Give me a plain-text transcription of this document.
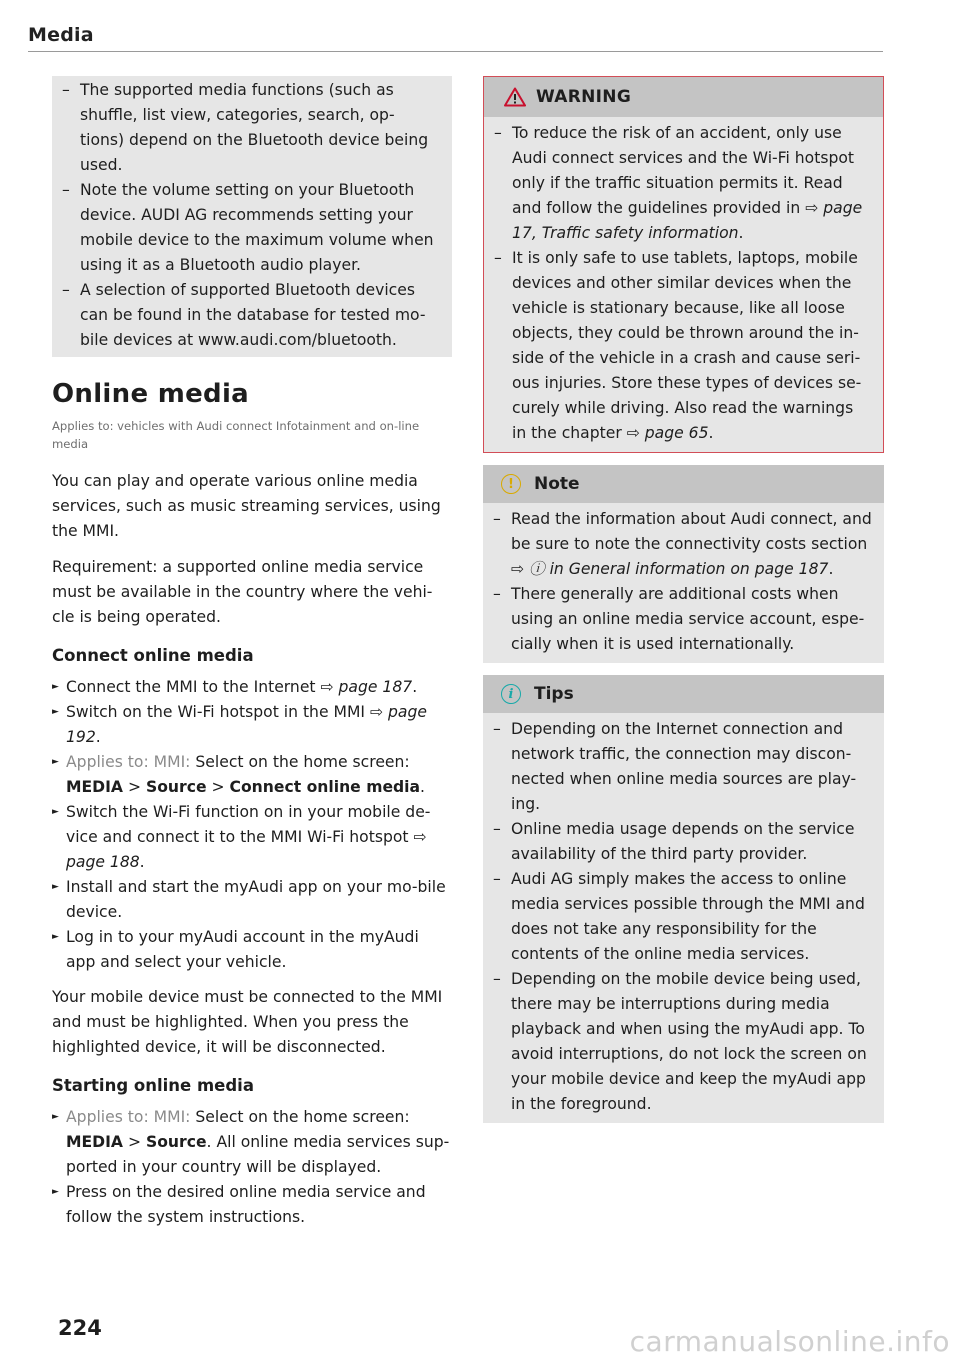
Media
– The supported media functions (such as shuffle, list view, categories, search, op-tions) depend on the Bluetooth device being used.
– Note the volume setting on your Bluetooth device. AUDI AG recommends setting your mobile device to the maximum volume when using it as a Bluetooth audio player.
– A selection of supported Bluetooth devices can be found in the database for tested mo-bile devices at www.audi.com/bluetooth.
Online media
Applies to: vehicles with Audi connect Infotainment and on-line media

You can play and operate various online media services, such as music streaming services, using the MMI.

Requirement: a supported online media service must be available in the country where the vehi-cle is being operated.

Connect online media
► Connect the MMI to the Internet ⇨ page 187.
► Switch on the Wi-Fi hotspot in the MMI ⇨ page 192.
► Applies to: MMI: Select on the home screen: MEDIA > Source > Connect online media.
► Switch the Wi-Fi function on in your mobile de-vice and connect it to the MMI Wi-Fi hotspot ⇨ page 188.
► Install and start the myAudi app on your mo-bile device.
► Log in to your myAudi account in the myAudi app and select your vehicle.

Your mobile device must be connected to the MMI and must be highlighted. When you press the highlighted device, it will be disconnected.

Starting online media
► Applies to: MMI: Select on the home screen: MEDIA > Source. All online media services sup-ported in your country will be displayed.
► Press on the desired online media service and follow the system instructions.
WARNING
– To reduce the risk of an accident, only use Audi connect services and the Wi-Fi hotspot only if the traffic situation permits it. Read and follow the guidelines provided in ⇨ page 17, Traffic safety information.
– It is only safe to use tablets, laptops, mobile devices and other similar devices when the vehicle is stationary because, like all loose objects, they could be thrown around the in-side of the vehicle in a crash and cause seri-ous injuries. Store these types of devices se-curely while driving. Also read the warnings in the chapter ⇨ page 65.
!	Note
– Read the information about Audi connect, and be sure to note the connectivity costs section ⇨ ⓘ in General information on page 187.
– There generally are additional costs when using an online media service account, espe-cially when it is used internationally.
i	Tips
– Depending on the Internet connection and network traffic, the connection may discon-nected when online media sources are play-ing.
– Online media usage depends on the service availability of the third party provider.
– Audi AG simply makes the access to online media services possible through the MMI and does not take any responsibility for the contents of the online media services.
– Depending on the mobile device being used, there may be interruptions during media playback and when using the myAudi app. To avoid interruptions, do not lock the screen on your mobile device and keep the myAudi app in the foreground.
224	carmanualsonline.info
